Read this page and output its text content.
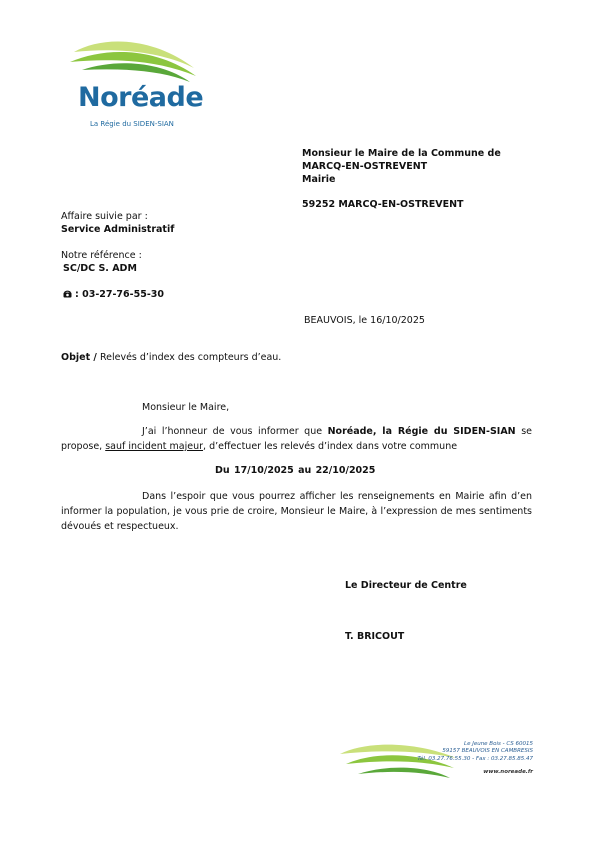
Noréade
La Régie du SIDEN-SIAN
Monsieur le Maire de la Commune de
MARCQ-EN-OSTREVENT
Mairie
59252 MARCQ-EN-OSTREVENT
Affaire suivie par :
Service Administratif
Notre référence :
SC/DC S. ADM
: 03-27-76-55-30
BEAUVOIS, le 16/10/2025
Objet / Relevés d’index des compteurs d’eau.
Monsieur le Maire,
J’ai l’honneur de vous informer que Noréade, la Régie du SIDEN-SIAN se propose, sauf incident majeur, d’effectuer les relevés d’index dans votre commune
Du 17/10/2025 au 22/10/2025
Dans l’espoir que vous pourrez afficher les renseignements en Mairie afin d’en informer la population, je vous prie de croire, Monsieur le Maire, à l’expression de mes sentiments dévoués et respectueux.
Le Directeur de Centre
T. BRICOUT
Le Jeune Bois - CS 60015
59157 BEAUVOIS EN CAMBRESIS
Tél. 03.27.76.55.30 - Fax : 03.27.85.85.47
www.noreade.fr
